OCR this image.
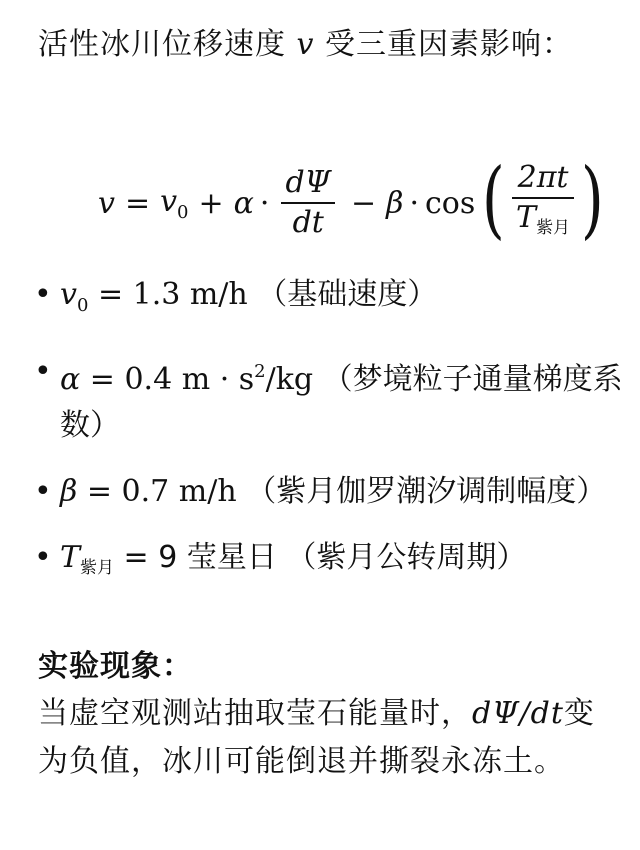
活性冰川位移速度 v 受三重因素影响：
$v = v_0 + \alpha \cdot \frac{d\Psi}{dt} - \beta \cdot \cos$ ( $\frac{2\pi t}{T_{紫月}}$ )
• $v_0 = 1.3$ m/h （基础速度）
• α = 0.4 $m \cdot s^2/kg$ （梦境粒子通量梯度系数）
• β = 0.7 m/h （紫月伽罗潮汐调制幅度）
• $T_{紫月} = 9$ 莹星日 （紫月公转周期）
实验现象：
当虚空观测站抽取莹石能量时，dΨ/dt变为负值，冰川可能倒退并撕裂永冻土。
